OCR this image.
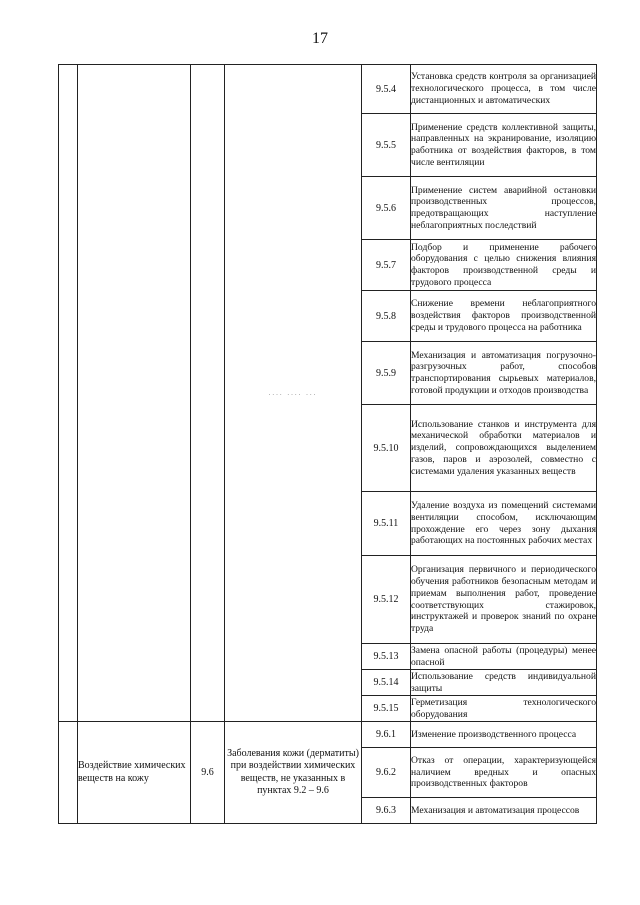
17

			.... .... ...	9.5.4	Установка средств контроля за организацией технологического процесса, в том числе дистанционных и автоматических
				9.5.5	Применение средств коллективной защиты, направленных на экранирование, изоляцию работника от воздействия факторов, в том числе вентиляции
				9.5.6	Применение систем аварийной остановки производственных процессов, предотвращающих наступление неблагоприятных последствий
				9.5.7	Подбор и применение рабочего оборудования с целью снижения влияния факторов производственной среды и трудового процесса
				9.5.8	Снижение времени неблагоприятного воздействия факторов производственной среды и трудового процесса на работника
				9.5.9	Механизация и автоматизация погрузочно-разгрузочных работ, способов транспортирования сырьевых материалов, готовой продукции и отходов производства
				9.5.10	Использование станков и инструмента для механической обработки материалов и изделий, сопровождающихся выделением газов, паров и аэрозолей, совместно с системами удаления указанных веществ
				9.5.11	Удаление воздуха из помещений системами вентиляции способом, исключающим прохождение его через зону дыхания работающих на постоянных рабочих местах
				9.5.12	Организация первичного и периодического обучения работников безопасным методам и приемам выполнения работ, проведение соответствующих стажировок, инструктажей и проверок знаний по охране труда
				9.5.13	Замена опасной работы (процедуры) менее опасной
				9.5.14	Использование средств индивидуальной защиты
				9.5.15	Герметизация технологического оборудования
	Воздействие химических веществ на кожу	9.6	Заболевания кожи (дерматиты) при воздействии химических веществ, не указанных в пунктах 9.2 – 9.6	9.6.1	Изменение производственного процесса
				9.6.2	Отказ от операции, характеризующейся наличием вредных и опасных производственных факторов
				9.6.3	Механизация и автоматизация процессов
